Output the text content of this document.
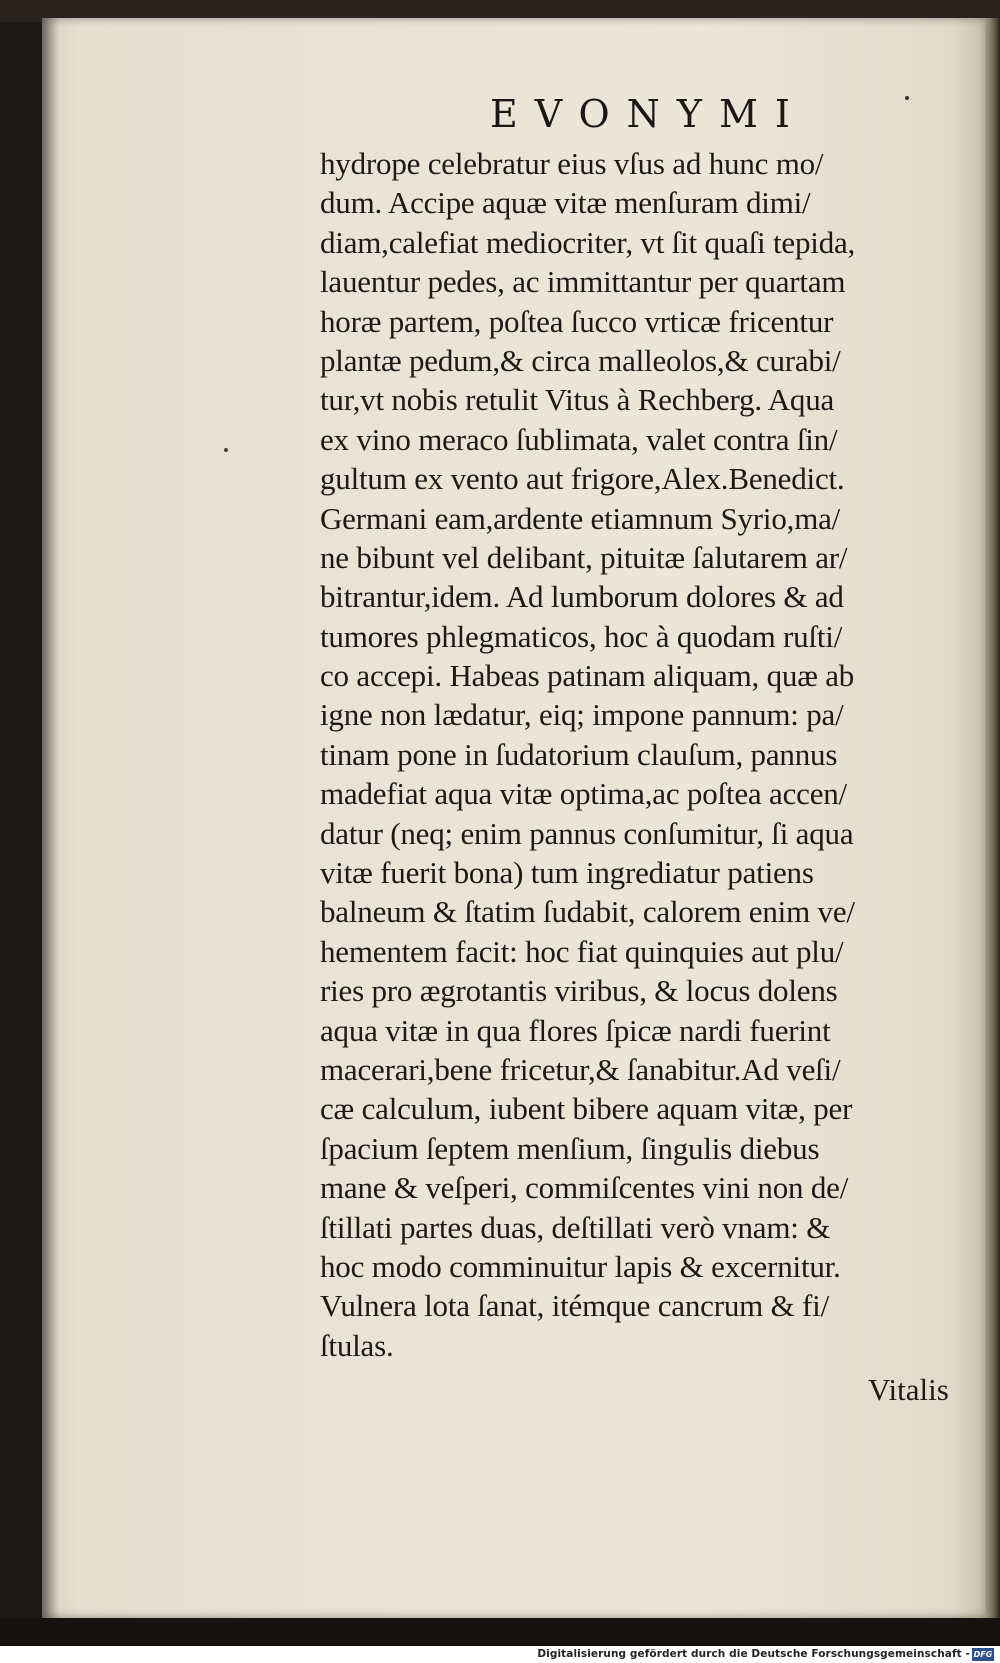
EVONYMI
hydrope celebratur eius vſus ad hunc mo/
dum. Accipe aquæ vitæ menſuram dimi/
diam,calefiat mediocriter, vt ſit quaſi tepida,
lauentur pedes, ac immittantur per quartam
horæ partem, poſtea ſucco vrticæ fricentur
plantæ pedum,& circa malleolos,& curabi/
tur,vt nobis retulit Vitus à Rechberg. Aqua
ex vino meraco ſublimata, valet contra ſin/
gultum ex vento aut frigore,Alex.Benedict.
Germani eam,ardente etiamnum Syrio,ma/
ne bibunt vel delibant, pituitæ ſalutarem ar/
bitrantur,idem. Ad lumborum dolores & ad
tumores phlegmaticos, hoc à quodam ruſti/
co accepi. Habeas patinam aliquam, quæ ab
igne non lædatur, eiq; impone pannum: pa/
tinam pone in ſudatorium clauſum, pannus
madefiat aqua vitæ optima,ac poſtea accen/
datur (neq; enim pannus conſumitur, ſi aqua
vitæ fuerit bona) tum ingrediatur patiens
balneum & ſtatim ſudabit, calorem enim ve/
hementem facit: hoc fiat quinquies aut plu/
ries pro ægrotantis viribus, & locus dolens
aqua vitæ in qua flores ſpicæ nardi fuerint
macerari,bene fricetur,& ſanabitur.Ad veſi/
cæ calculum, iubent bibere aquam vitæ, per
ſpacium ſeptem menſium, ſingulis diebus
mane & veſperi, commiſcentes vini non de/
ſtillati partes duas, deſtillati verò vnam: &
hoc modo comminuitur lapis & excernitur.
Vulnera lota ſanat, itémque cancrum & fi/
ſtulas.
Vitalis
Digitalisierung gefördert durch die Deutsche Forschungsgemeinschaft - DFG
